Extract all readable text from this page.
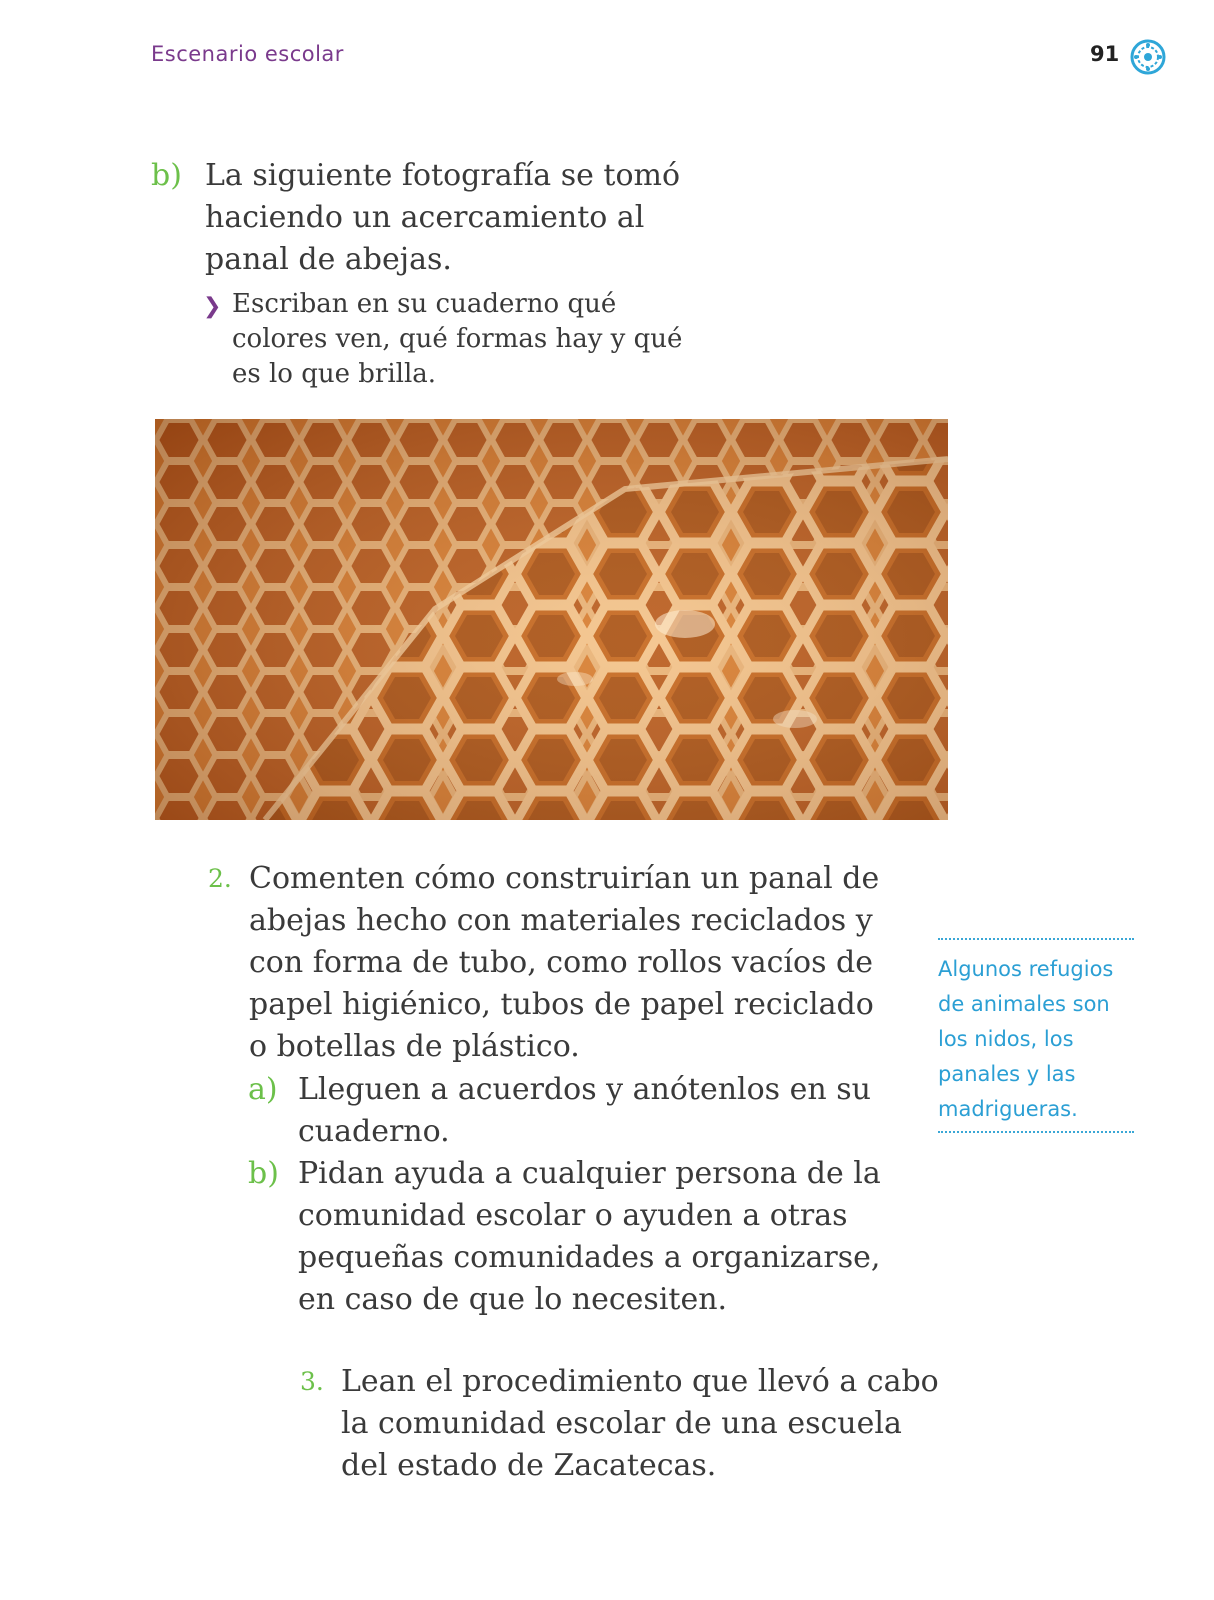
Escenario escolar	91
b) La siguiente fotografía se tomó haciendo un acercamiento al panal de abejas.
❯ Escriban en su cuaderno qué colores ven, qué formas hay y qué es lo que brilla.
2. Comenten cómo construirían un panal de abejas hecho con materiales reciclados y con forma de tubo, como rollos vacíos de papel higiénico, tubos de papel reciclado o botellas de plástico.
a) Lleguen a acuerdos y anótenlos en su cuaderno.
b) Pidan ayuda a cualquier persona de la comunidad escolar o ayuden a otras pequeñas comunidades a organizarse, en caso de que lo necesiten.
3. Lean el procedimiento que llevó a cabo la comunidad escolar de una escuela del estado de Zacatecas.
Algunos refugios de animales son los nidos, los panales y las madrigueras.
